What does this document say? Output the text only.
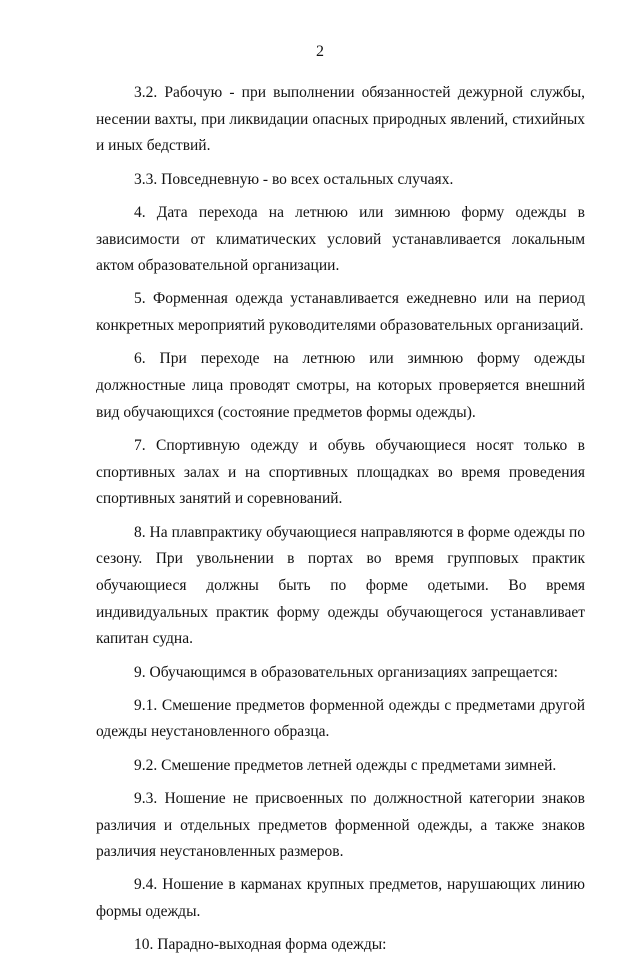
2

3.2. Рабочую - при выполнении обязанностей дежурной службы, несении вахты, при ликвидации опасных природных явлений, стихийных и иных бедствий.

3.3. Повседневную - во всех остальных случаях.

4. Дата перехода на летнюю или зимнюю форму одежды в зависимости от климатических условий устанавливается локальным актом образовательной организации.

5. Форменная одежда устанавливается ежедневно или на период конкретных мероприятий руководителями образовательных организаций.

6. При переходе на летнюю или зимнюю форму одежды должностные лица проводят смотры, на которых проверяется внешний вид обучающихся (состояние предметов формы одежды).

7. Спортивную одежду и обувь обучающиеся носят только в спортивных залах и на спортивных площадках во время проведения спортивных занятий и соревнований.

8. На плавпрактику обучающиеся направляются в форме одежды по сезону. При увольнении в портах во время групповых практик обучающиеся должны быть по форме одетыми. Во время индивидуальных практик форму одежды обучающегося устанавливает капитан судна.

9. Обучающимся в образовательных организациях запрещается:

9.1. Смешение предметов форменной одежды с предметами другой одежды неустановленного образца.

9.2. Смешение предметов летней одежды с предметами зимней.

9.3. Ношение не присвоенных по должностной категории знаков различия и отдельных предметов форменной одежды, а также знаков различия неустановленных размеров.

9.4. Ношение в карманах крупных предметов, нарушающих линию формы одежды.

10. Парадно-выходная форма одежды:
